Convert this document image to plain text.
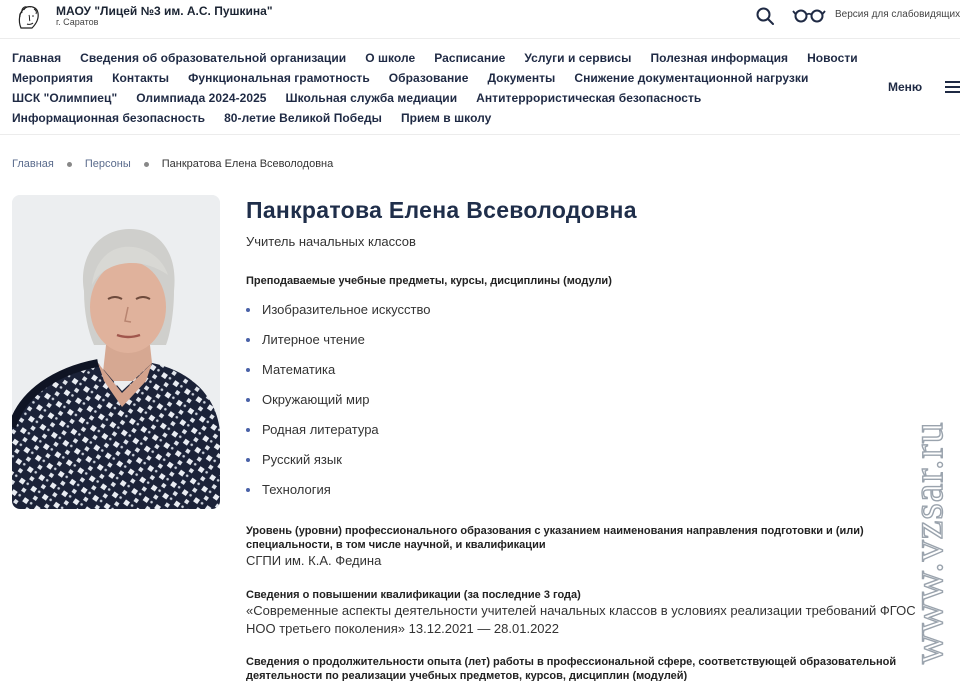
МАОУ "Лицей №3 им. А.С. Пушкина"
г. Саратов
Версия для слабовидящих
Главная Сведения об образовательной организации О школе Расписание Услуги и сервисы Полезная информация Новости
Мероприятия Контакты Функциональная грамотность Образование Документы Снижение документационной нагрузки
ШСК "Олимпиец" Олимпиада 2024-2025 Школьная служба медиации Антитеррористическая безопасность
Информационная безопасность 80-летие Великой Победы Прием в школу
Меню
Главная	Персоны	Панкратова Елена Всеволодовна
Панкратова Елена Всеволодовна
Учитель начальных классов
Преподаваемые учебные предметы, курсы, дисциплины (модули)
Изобразительное искусство
Литерное чтение
Математика
Окружающий мир
Родная литература
Русский язык
Технология
Уровень (уровни) профессионального образования с указанием наименования направления подготовки и (или) специальности, в том числе научной, и квалификации
СГПИ им. К.А. Федина
Сведения о повышении квалификации (за последние 3 года)
«Современные аспекты деятельности учителей начальных классов в условиях реализации требований ФГОС НОО третьего поколения» 13.12.2021 — 28.01.2022
Сведения о продолжительности опыта (лет) работы в профессиональной сфере, соответствующей образовательной деятельности по реализации учебных предметов, курсов, дисциплин (модулей)
www.vzsar.ru
